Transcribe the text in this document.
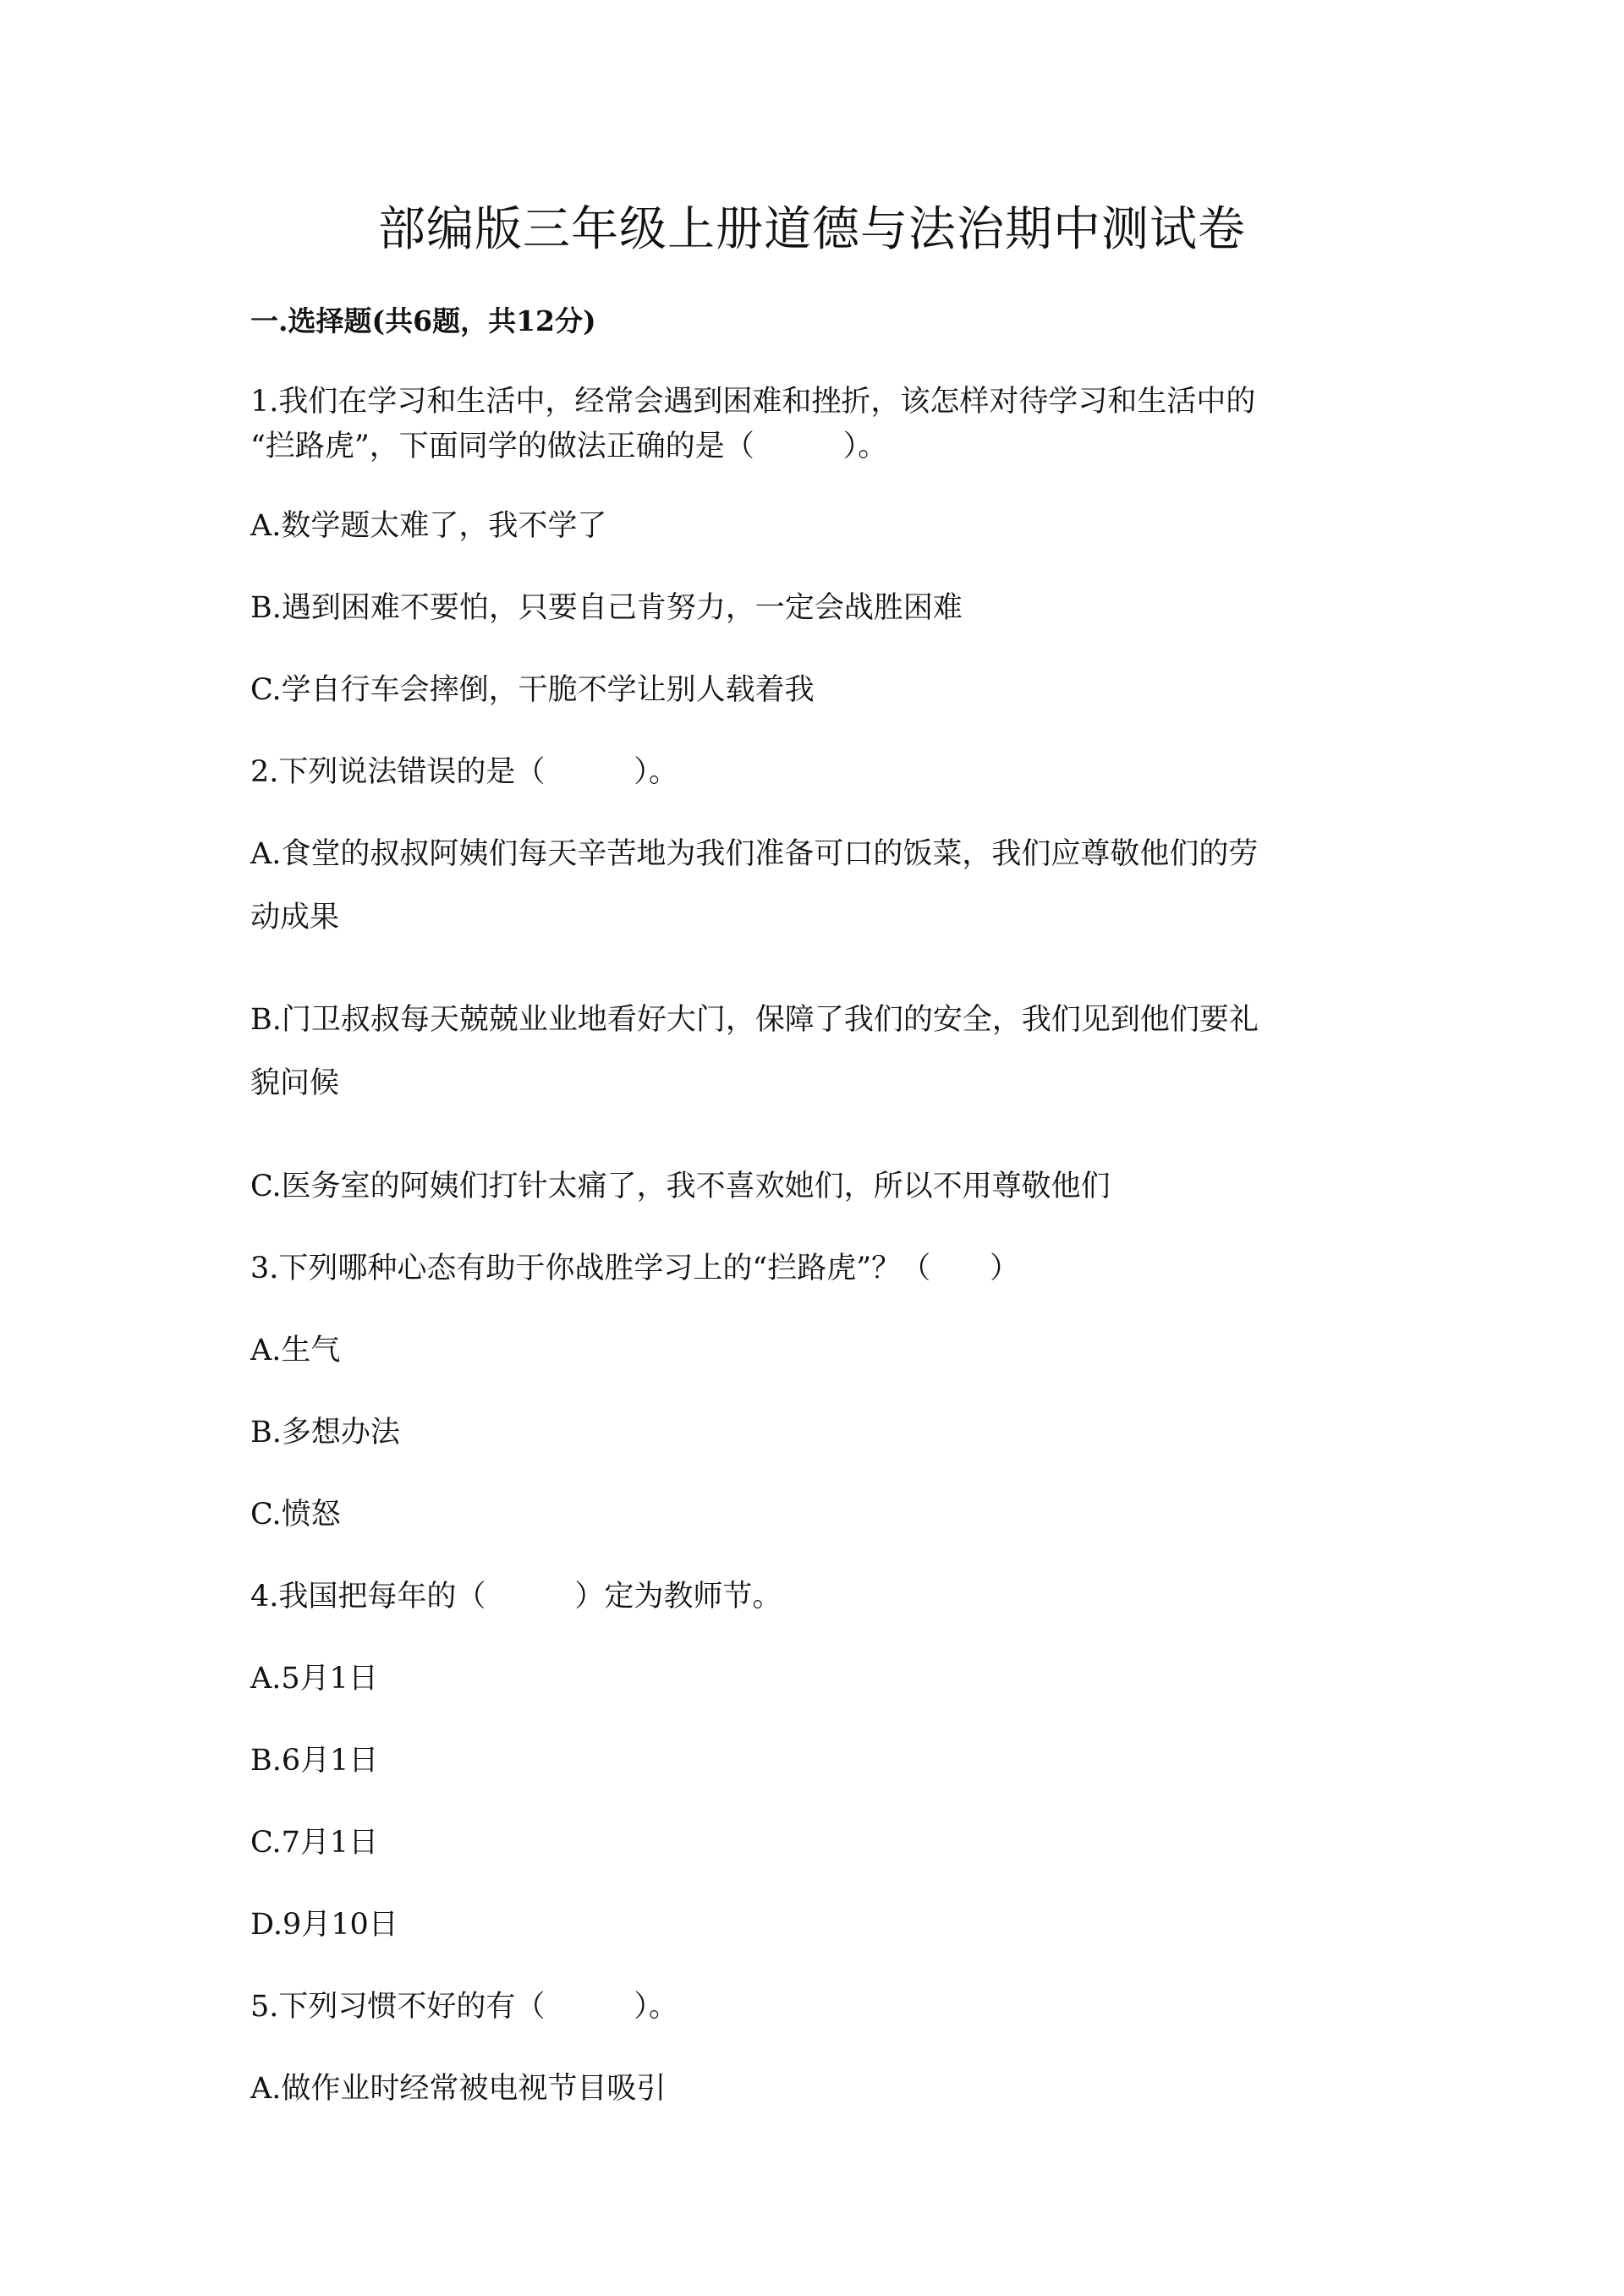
部编版三年级上册道德与法治期中测试卷
一.选择题(共6题，共12分)
1.我们在学习和生活中，经常会遇到困难和挫折，该怎样对待学习和生活中的
“拦路虎”，下面同学的做法正确的是（　　　）。
A.数学题太难了，我不学了
B.遇到困难不要怕，只要自己肯努力，一定会战胜困难
C.学自行车会摔倒，干脆不学让别人载着我
2.下列说法错误的是（　　　）。
A.食堂的叔叔阿姨们每天辛苦地为我们准备可口的饭菜，我们应尊敬他们的劳
动成果
B.门卫叔叔每天兢兢业业地看好大门，保障了我们的安全，我们见到他们要礼
貌问候
C.医务室的阿姨们打针太痛了，我不喜欢她们，所以不用尊敬他们
3.下列哪种心态有助于你战胜学习上的“拦路虎”？（　　）
A.生气
B.多想办法
C.愤怒
4.我国把每年的（　　　）定为教师节。
A.5月1日
B.6月1日
C.7月1日
D.9月10日
5.下列习惯不好的有（　　　）。
A.做作业时经常被电视节目吸引
